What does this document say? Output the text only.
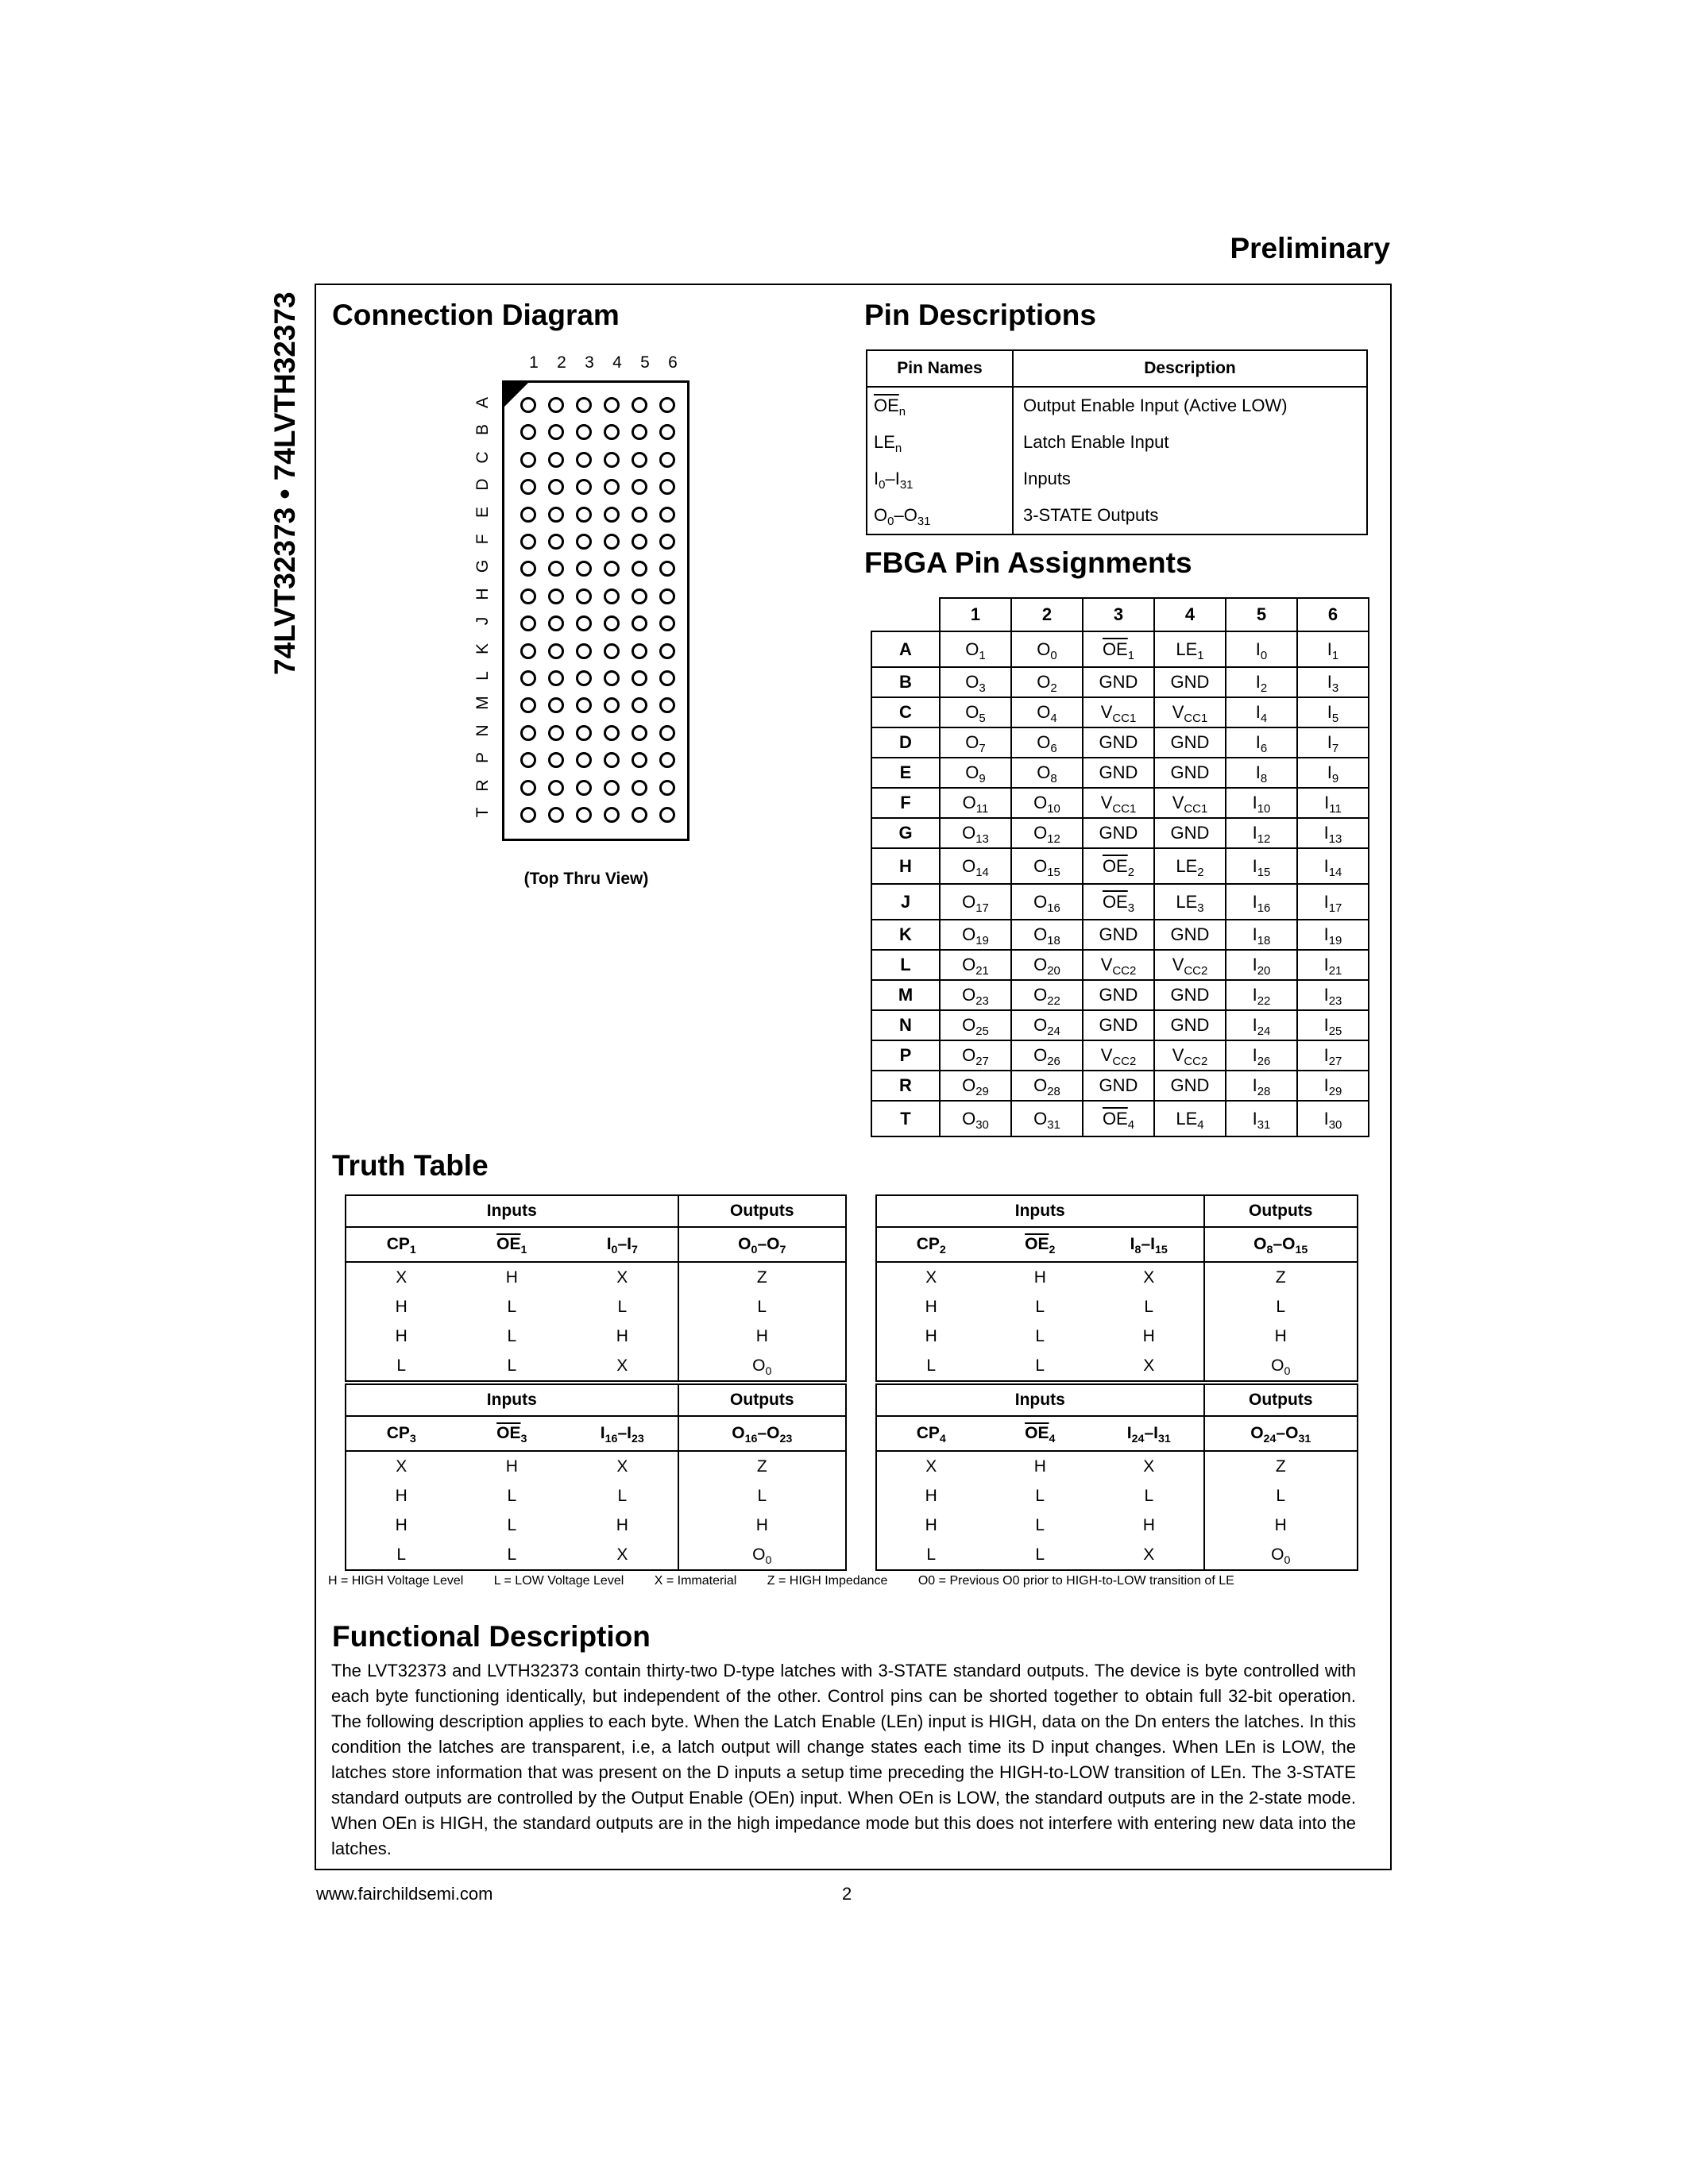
Preliminary
74LVT32373 • 74LVTH32373 Connection Diagram	Pin Descriptions
FBGA Pin Assignments
Truth Table
Functional Description
1	2	3	4	5	6
A
B
C
D
E
F
G
H
J
K
L
M
N
P
R
T
(Top Thru View)
Pin Names	Description
$\overline{OE}_n$	Output Enable Input (Active LOW)
$LE_n$	Latch Enable Input
$I_0-I_{31}$	Inputs
$O_0-O_{31}$	3-STATE Outputs
	1	2	3	4	5	6
A	$O_1$	$O_0$	$\overline{OE}_1$	$LE_1$	$I_0$	$I_1$
B	$O_3$	$O_2$	GND	GND	$I_2$	$I_3$
C	$O_5$	$O_4$	$V_{CC1}$	$V_{CC1}$	$I_4$	$I_5$
D	$O_7$	$O_6$	GND	GND	$I_6$	$I_7$
E	$O_9$	$O_8$	GND	GND	$I_8$	$I_9$
F	$O_{11}$	$O_{10}$	$V_{CC1}$	$V_{CC1}$	$I_{10}$	$I_{11}$
G	$O_{13}$	$O_{12}$	GND	GND	$I_{12}$	$I_{13}$
H	$O_{14}$	$O_{15}$	$\overline{OE}_2$	$LE_2$	$I_{15}$	$I_{14}$
J	$O_{17}$	$O_{16}$	$\overline{OE}_3$	$LE_3$	$I_{16}$	$I_{17}$
K	$O_{19}$	$O_{18}$	GND	GND	$I_{18}$	$I_{19}$
L	$O_{21}$	$O_{20}$	$V_{CC2}$	$V_{CC2}$	$I_{20}$	$I_{21}$
M	$O_{23}$	$O_{22}$	GND	GND	$I_{22}$	$I_{23}$
N	$O_{25}$	$O_{24}$	GND	GND	$I_{24}$	$I_{25}$
P	$O_{27}$	$O_{26}$	$V_{CC2}$	$V_{CC2}$	$I_{26}$	$I_{27}$
R	$O_{29}$	$O_{28}$	GND	GND	$I_{28}$	$I_{29}$
T	$O_{30}$	$O_{31}$	$\overline{OE}_4$	$LE_4$	$I_{31}$	$I_{30}$
Inputs			Outputs
$CP_1$	$\overline{OE}_1$	$I_0-I_7$	$O_0-O_7$
X	H	X	Z
H	L	L	L
H	L	H	H
L	L	X	$O_0$
Inputs			Outputs
$CP_2$	$\overline{OE}_2$	$I_8-I_{15}$	$O_8-O_{15}$
X	H	X	Z
H	L	L	L
H	L	H	H
L	L	X	$O_0$
Inputs			Outputs
$CP_3$	$\overline{OE}_3$	$I_{16}-I_{23}$	$O_{16}-O_{23}$
X	H	X	Z
H	L	L	L
H	L	H	H
L	L	X	$O_0$
Inputs			Outputs
$CP_4$	$\overline{OE}_4$	$I_{24}-I_{31}$	$O_{24}-O_{31}$
X	H	X	Z
H	L	L	L
H	L	H	H
L	L	X	$O_0$
H = HIGH Voltage Level L = LOW Voltage Level X = Immaterial Z = HIGH Impedance O0 = Previous O0 prior to HIGH-to-LOW transition of LE
The LVT32373 and LVTH32373 contain thirty-two D-type latches with 3-STATE standard outputs. The device is byte controlled with each byte functioning identically, but independent of the other. Control pins can be shorted together to obtain full 32-bit operation. The following description applies to each byte. When the Latch Enable (LEn) input is HIGH, data on the Dn enters the latches. In this condition the latches are transparent, i.e, a latch output will change states each time its D input changes. When LEn is LOW, the latches store information that was present on the D inputs a setup time preceding the HIGH-to-LOW transition of LEn. The 3-STATE standard outputs are controlled by the Output Enable (OEn) input. When OEn is LOW, the standard outputs are in the 2-state mode. When OEn is HIGH, the standard outputs are in the high impedance mode but this does not interfere with entering new data into the latches.
www.fairchildsemi.com	2
